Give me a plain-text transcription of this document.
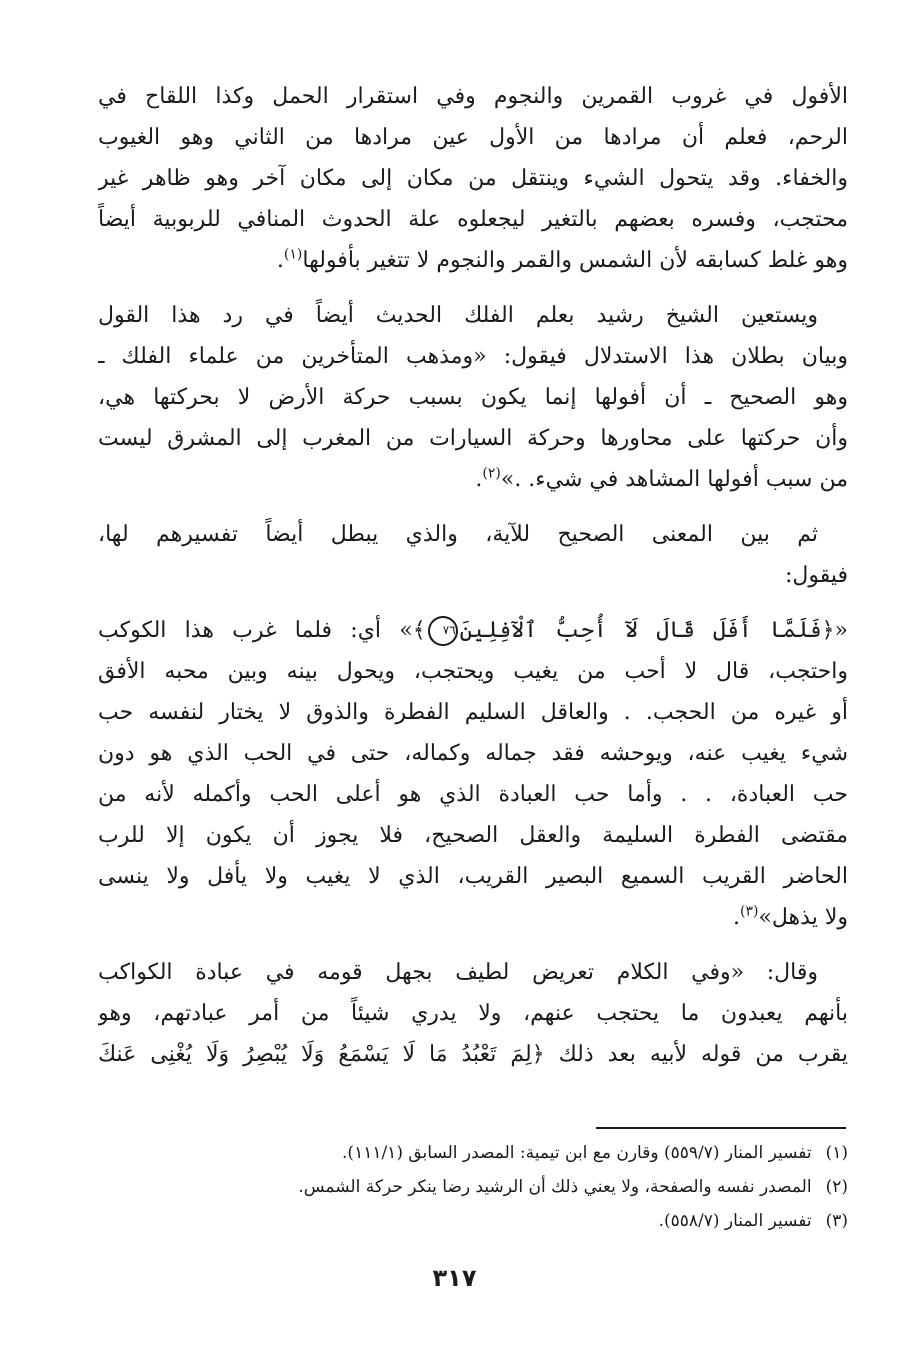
الأفول في غروب القمرين والنجوم وفي استقرار الحمل وكذا اللقاح في
الرحم، فعلم أن مرادها من الأول عين مرادها من الثاني وهو الغيوب
والخفاء. وقد يتحول الشيء وينتقل من مكان إلى مكان آخر وهو ظاهر غير
محتجب، وفسره بعضهم بالتغير ليجعلوه علة الحدوث المنافي للربوبية أيضاً
وهو غلط كسابقه لأن الشمس والقمر والنجوم لا تتغير بأفولها$^{(١)}$.

ويستعين الشيخ رشيد بعلم الفلك الحديث أيضاً في رد هذا القول
وبيان بطلان هذا الاستدلال فيقول: «ومذهب المتأخرين من علماء الفلك ـ
وهو الصحيح ـ أن أفولها إنما يكون بسبب حركة الأرض لا بحركتها هي،
وأن حركتها على محاورها وحركة السيارات من المغرب إلى المشرق ليست
من سبب أفولها المشاهد في شيء. .»$^{(٢)}$.

ثم بين المعنى الصحيح للآية، والذي يبطل أيضاً تفسيرهم لها،
فيقول:

«﴿فَلَمَّا أَفَلَ قَالَ لَآ أُحِبُّ ٱلْآفِلِينَ٧٦﴾» أي: فلما غرب هذا الكوكب
واحتجب، قال لا أحب من يغيب ويحتجب، ويحول بينه وبين محبه الأفق
أو غيره من الحجب. . والعاقل السليم الفطرة والذوق لا يختار لنفسه حب
شيء يغيب عنه، ويوحشه فقد جماله وكماله، حتى في الحب الذي هو دون
حب العبادة، . . وأما حب العبادة الذي هو أعلى الحب وأكمله لأنه من
مقتضى الفطرة السليمة والعقل الصحيح، فلا يجوز أن يكون إلا للرب
الحاضر القريب السميع البصير القريب، الذي لا يغيب ولا يأفل ولا ينسى
ولا يذهل»$^{(٣)}$.

وقال: «وفي الكلام تعريض لطيف بجهل قومه في عبادة الكواكب
بأنهم يعبدون ما يحتجب عنهم، ولا يدري شيئاً من أمر عبادتهم، وهو
يقرب من قوله لأبيه بعد ذلك ﴿لِمَ تَعْبُدُ مَا لَا يَسْمَعُ وَلَا يُبْصِرُ وَلَا يُغْنِى عَنكَ

(١)تفسير المنار (٥٥٩/٧) وقارن مع ابن تيمية: المصدر السابق (١١١/١).
(٢)المصدر نفسه والصفحة، ولا يعني ذلك أن الرشيد رضا ينكر حركة الشمس.
(٣)تفسير المنار (٥٥٨/٧).
٣١٧
